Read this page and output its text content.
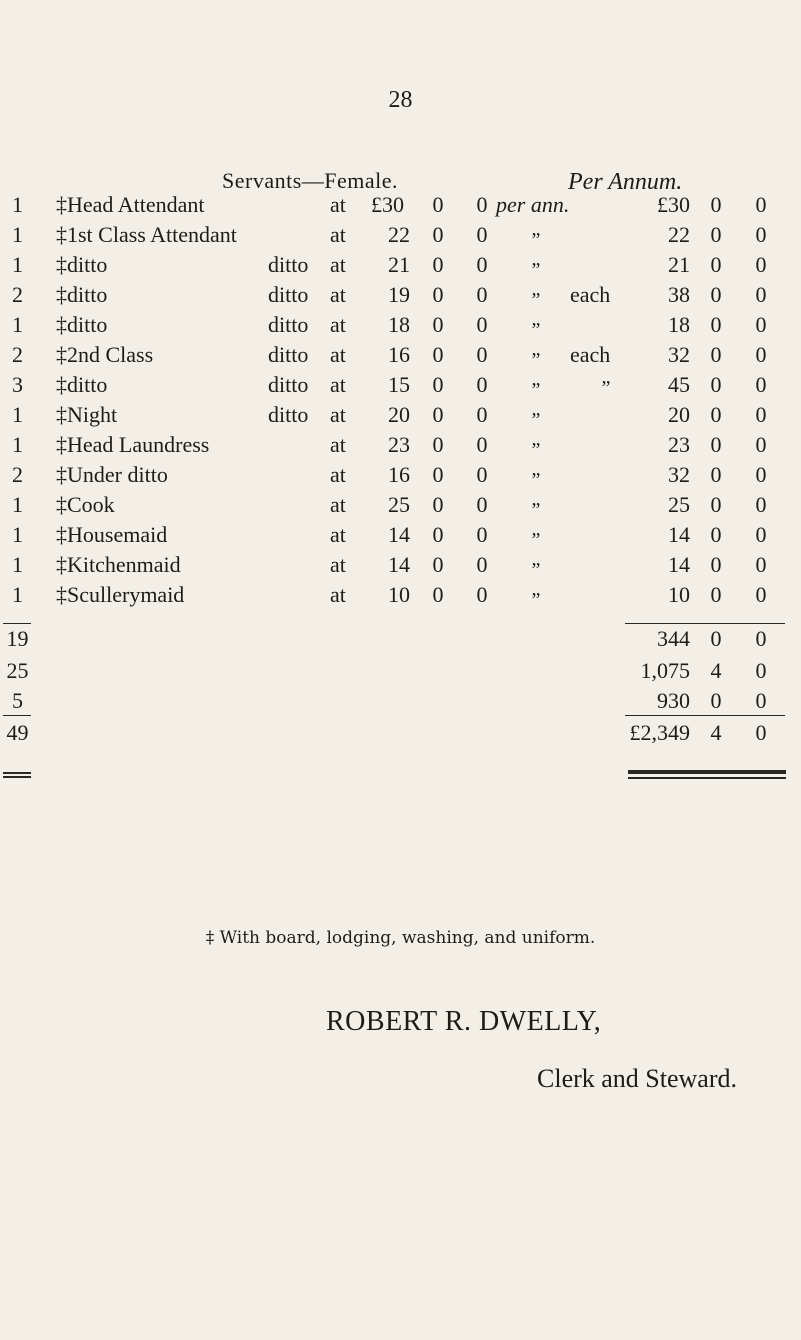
28
Servants—Female.	Per Annum.
1	‡Head Attendant	at	£30 0 0 per ann.	£30 0 0
1	‡1st Class Attendant	at	22 0 0 ”	22 0 0
1	‡ditto	ditto at	21 0 0 ”	21 0 0
2	‡ditto	ditto at	19 0 0 ” each	38 0 0
1	‡ditto	ditto at	18 0 0 ”	18 0 0
2	‡2nd Class	ditto at	16 0 0 ” each	32 0 0
3	‡ditto	ditto at	15 0 0 ”	”	45 0 0
1	‡Night	ditto at	20 0 0 ”	20 0 0
1	‡Head Laundress	at	23 0 0 ”	23 0 0
2	‡Under ditto	at	16 0 0 ”	32 0 0
1	‡Cook	at	25 0 0 ”	25 0 0
1	‡Housemaid	at	14 0 0 ”	14 0 0
1	‡Kitchenmaid	at	14 0 0 ”	14 0 0
1	‡Scullerymaid	at	10 0 0 ”	10 0 0
19	344 0 0
25	1,075 4 0
5	930 0 0
49	£2,349 4 0
‡ With board, lodging, washing, and uniform.
ROBERT R. DWELLY,
Clerk and Steward.
